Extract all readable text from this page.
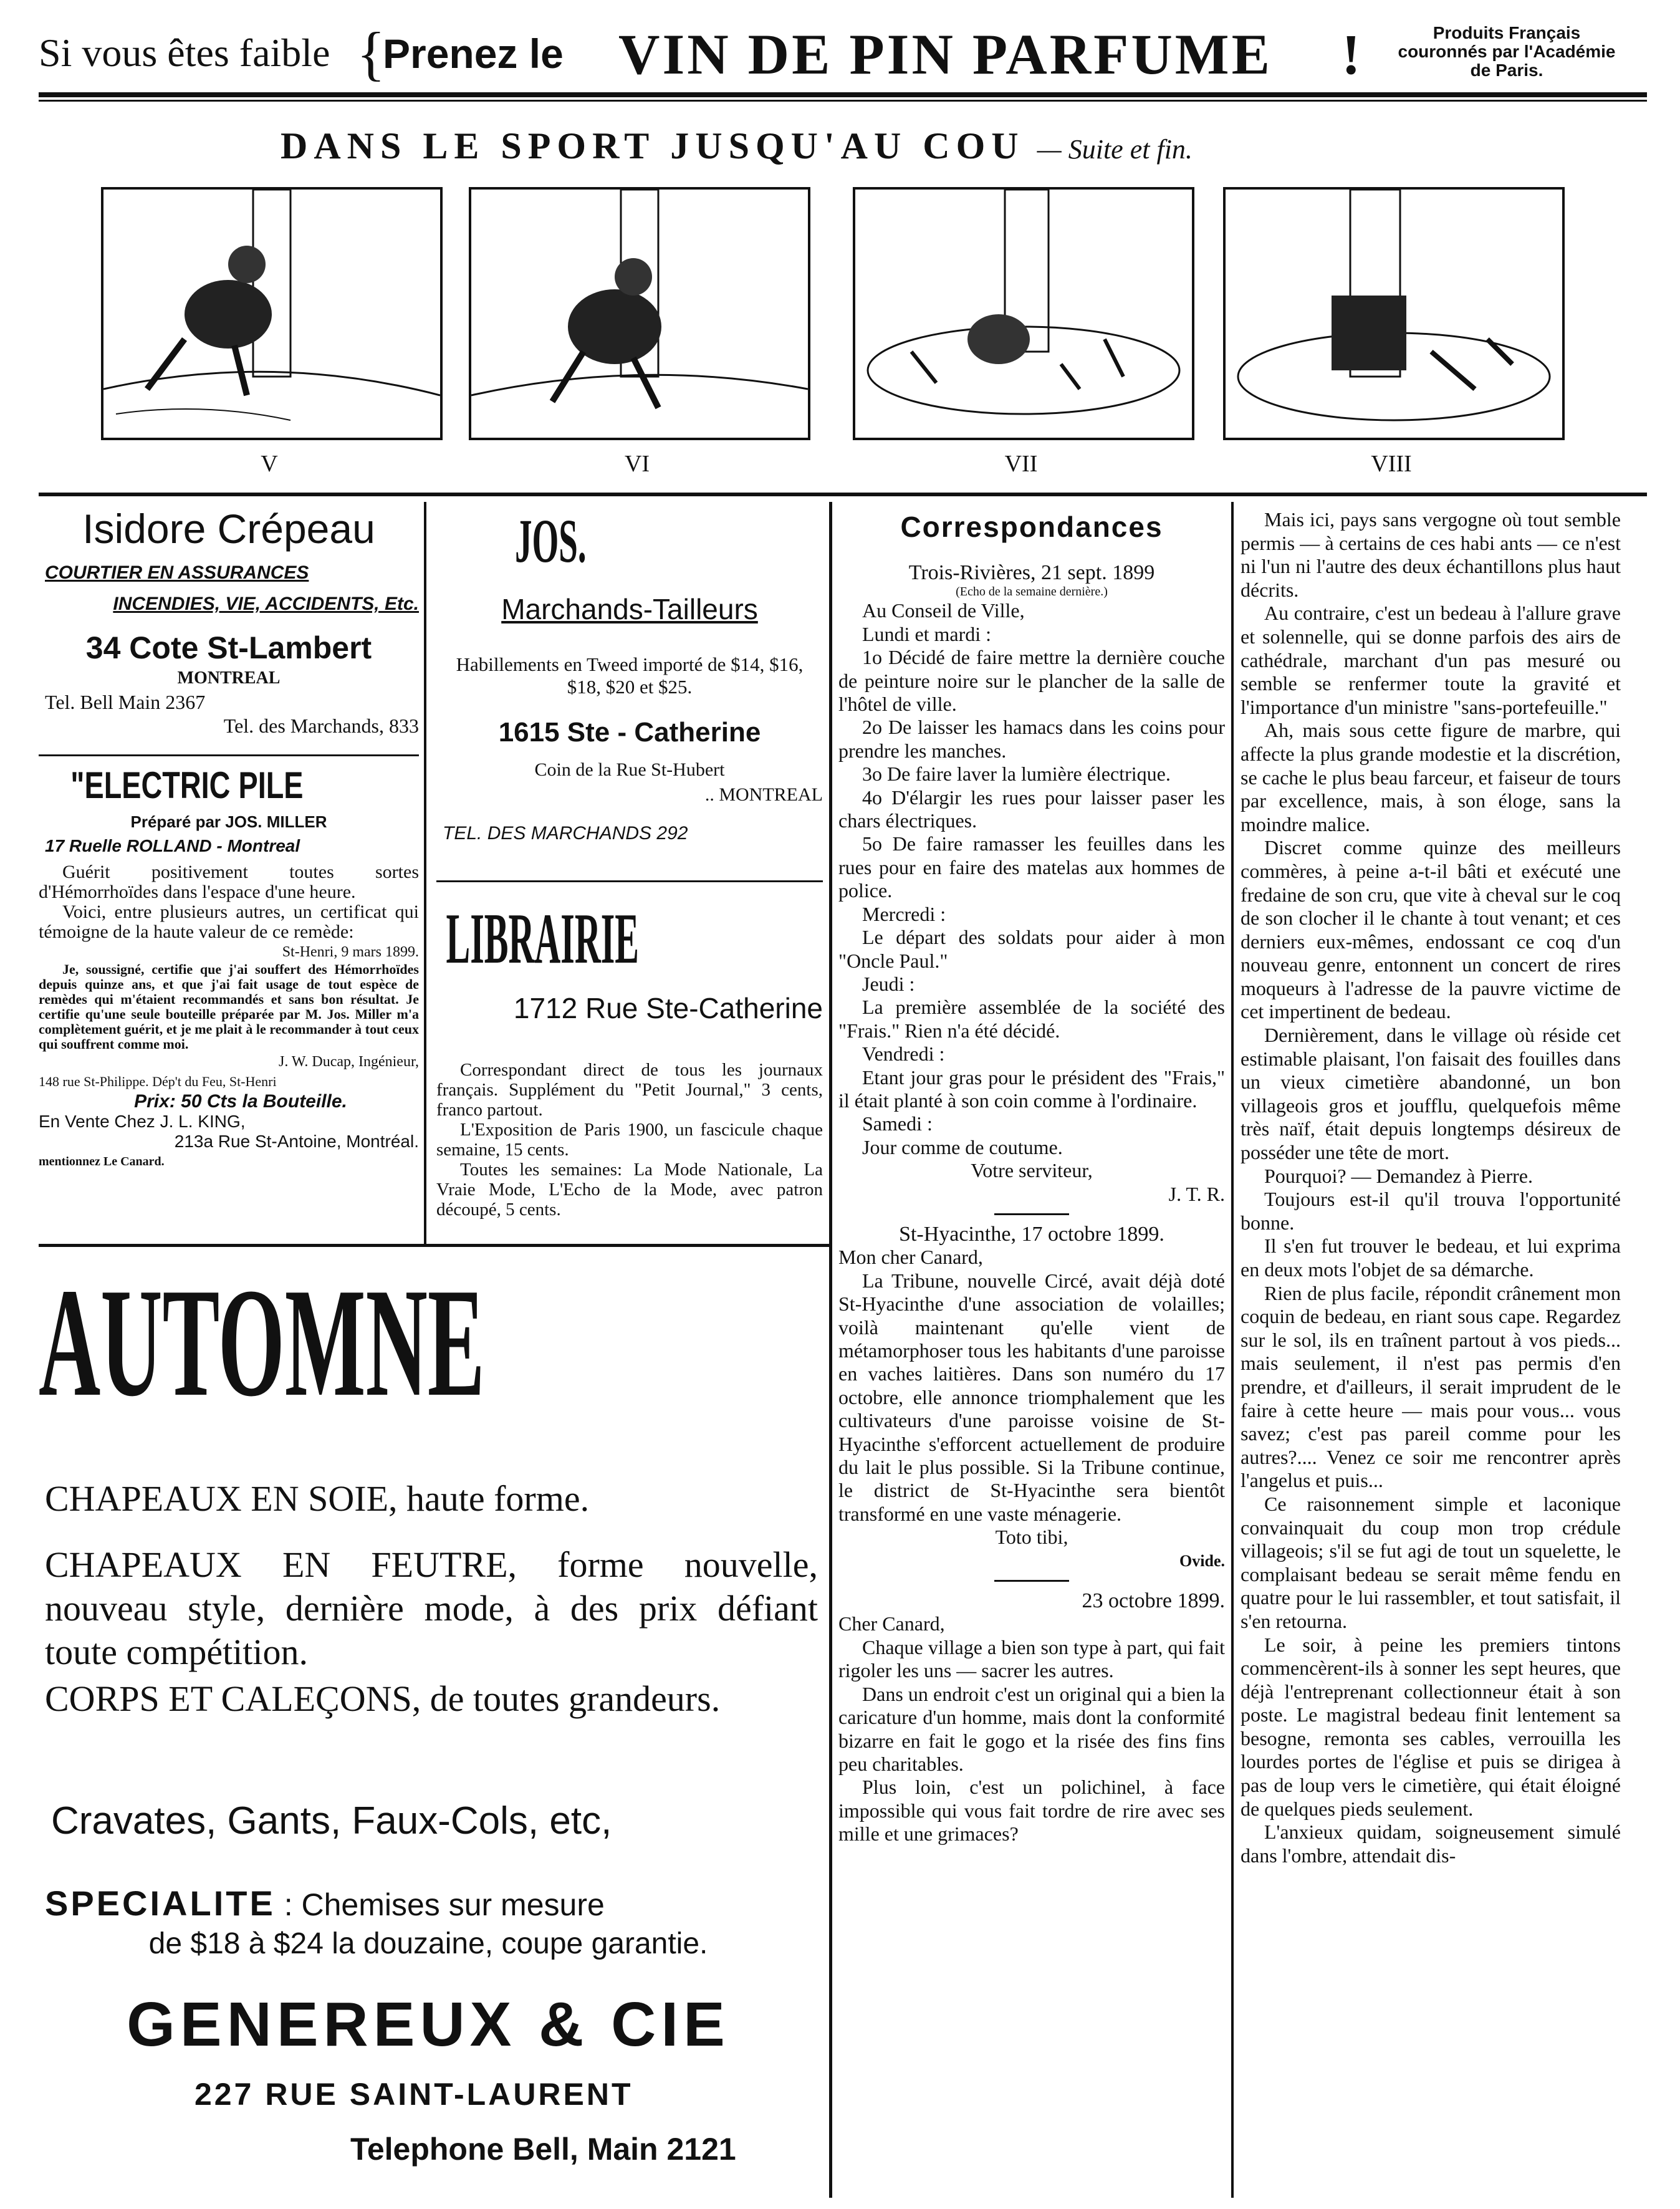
Si vous êtes faible {
Prenez le VIN DE PIN PARFUME !	Produits Français
couronnés par l'Académie
de Paris.
DANS LE SPORT JUSQU'AU COU — Suite et fin.
V	VI	VII	VIII
Isidore Crépeau
COURTIER EN ASSURANCES
INCENDIES, VIE, ACCIDENTS, Etc.
34 Cote St-Lambert
MONTREAL
Tel. Bell Main 2367
Tel. des Marchands, 833
"ELECTRIC PILE
Préparé par JOS. MILLER
17 Ruelle ROLLAND - Montreal

Guérit positivement toutes sortes d'Hémorrhoïdes dans l'espace d'une heure.

Voici, entre plusieurs autres, un certificat qui témoigne de la haute valeur de ce remède:

St-Henri, 9 mars 1899.

Je, soussigné, certifie que j'ai souffert des Hémorrhoïdes depuis quinze ans, et que j'ai fait usage de tout espèce de remèdes qui m'étaient recommandés et sans bon résultat. Je certifie qu'une seule bouteille préparée par M. Jos. Miller m'a complètement guérit, et je me plait à le recommander à tout ceux qui souffrent comme moi.

J. W. Ducap, Ingénieur,

148 rue St-Philippe. Dép't du Feu, St-Henri

Prix: 50 Cts la Bouteille.

En Vente Chez J. L. KING,

213a Rue St-Antoine, Montréal.

mentionnez Le Canard.

JOS.
Marchands-Tailleurs
Habillements en Tweed importé de $14, $16, $18, $20 et $25.
1615 Ste - Catherine
Coin de la Rue St-Hubert
.. MONTREAL
TEL. DES MARCHANDS 292
LIBRAIRIE
1712 Rue Ste-Catherine

Correspondant direct de tous les journaux français. Supplément du "Petit Journal," 3 cents, franco partout.

L'Exposition de Paris 1900, un fascicule chaque semaine, 15 cents.

Toutes les semaines: La Mode Nationale, La Vraie Mode, L'Echo de la Mode, avec patron découpé, 5 cents.

AUTOMNE
CHAPEAUX EN SOIE, haute forme.
CHAPEAUX EN FEUTRE, forme nouvelle, nouveau style, dernière mode, à des prix défiant toute compétition.
CORPS ET CALEÇONS, de toutes grandeurs.
Cravates, Gants, Faux-Cols, etc,
SPECIALITE : Chemises sur mesure
de $18 à $24 la douzaine, coupe garantie.
GENEREUX & CIE
227 RUE SAINT-LAURENT
Telephone Bell, Main 2121
Correspondances

Trois-Rivières, 21 sept. 1899

(Echo de la semaine dernière.)

Au Conseil de Ville,

Lundi et mardi :

1o Décidé de faire mettre la dernière couche de peinture noire sur le plancher de la salle de l'hôtel de ville.

2o De laisser les hamacs dans les coins pour prendre les manches.

3o De faire laver la lumière électrique.

4o D'élargir les rues pour laisser paser les chars électriques.

5o De faire ramasser les feuilles dans les rues pour en faire des matelas aux hommes de police.

Mercredi :

Le départ des soldats pour aider à mon "Oncle Paul."

Jeudi :

La première assemblée de la société des "Frais." Rien n'a été décidé.

Vendredi :

Etant jour gras pour le président des "Frais," il était planté à son coin comme à l'ordinaire.

Samedi :

Jour comme de coutume.

Votre serviteur,

J. T. R.

St-Hyacinthe, 17 octobre 1899.

Mon cher Canard,

La Tribune, nouvelle Circé, avait déjà doté St-Hyacinthe d'une association de volailles; voilà maintenant qu'elle vient de métamorphoser tous les habitants d'une paroisse en vaches laitières. Dans son numéro du 17 octobre, elle annonce triomphalement que les cultivateurs d'une paroisse voisine de St-Hyacinthe s'efforcent actuellement de produire du lait le plus possible. Si la Tribune continue, le district de St-Hyacinthe sera bientôt transformé en une vaste ménagerie.

Toto tibi,

Ovide.

23 octobre 1899.

Cher Canard,

Chaque village a bien son type à part, qui fait rigoler les uns — sacrer les autres.

Dans un endroit c'est un original qui a bien la caricature d'un homme, mais dont la conformité bizarre en fait le gogo et la risée des fins fins peu charitables.

Plus loin, c'est un polichinel, à face impossible qui vous fait tordre de rire avec ses mille et une grimaces?

Mais ici, pays sans vergogne où tout semble permis — à certains de ces habi ants — ce n'est ni l'un ni l'autre des deux échantillons plus haut décrits.

Au contraire, c'est un bedeau à l'allure grave et solennelle, qui se donne parfois des airs de cathédrale, marchant d'un pas mesuré ou semble se renfermer toute la gravité et l'importance d'un ministre "sans-portefeuille."

Ah, mais sous cette figure de marbre, qui affecte la plus grande modestie et la discrétion, se cache le plus beau farceur, et faiseur de tours par excellence, mais, à son éloge, sans la moindre malice.

Discret comme quinze des meilleurs commères, à peine a-t-il bâti et exécuté une fredaine de son cru, que vite à cheval sur le coq de son clocher il le chante à tout venant; et ces derniers eux-mêmes, endossant ce coq d'un nouveau genre, entonnent un concert de rires moqueurs à l'adresse de la pauvre victime de cet impertinent de bedeau.

Dernièrement, dans le village où réside cet estimable plaisant, l'on faisait des fouilles dans un vieux cimetière abandonné, un bon villageois gros et joufflu, quelquefois même très naïf, était depuis longtemps désireux de posséder une tête de mort.

Pourquoi? — Demandez à Pierre.

Toujours est-il qu'il trouva l'opportunité bonne.

Il s'en fut trouver le bedeau, et lui exprima en deux mots l'objet de sa démarche.

Rien de plus facile, répondit crânement mon coquin de bedeau, en riant sous cape. Regardez sur le sol, ils en traînent partout à vos pieds... mais seulement, il n'est pas permis d'en prendre, et d'ailleurs, il serait imprudent de le faire à cette heure — mais pour vous... vous savez; c'est pas pareil comme pour les autres?.... Venez ce soir me rencontrer après l'angelus et puis...

Ce raisonnement simple et laconique convainquait du coup mon trop crédule villageois; s'il se fut agi de tout un squelette, le complaisant bedeau se serait même fendu en quatre pour le lui rassembler, et tout satisfait, il s'en retourna.

Le soir, à peine les premiers tintons commencèrent-ils à sonner les sept heures, que déjà l'entreprenant collectionneur était à son poste. Le magistral bedeau finit lentement sa besogne, remonta ses cables, verrouilla les lourdes portes de l'église et puis se dirigea à pas de loup vers le cimetière, qui était éloigné de quelques pieds seulement.

L'anxieux quidam, soigneusement simulé dans l'ombre, attendait dis-
